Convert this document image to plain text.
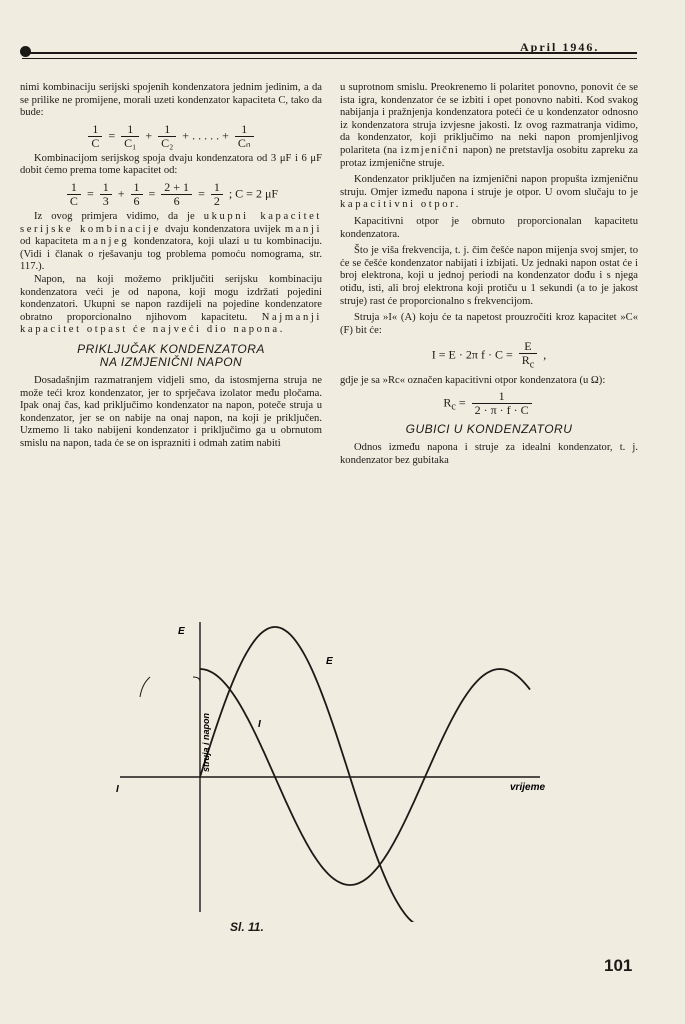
April 1946.

nimi kombinaciju serijski spojenih kondenzatora jednim jedinim, a da se prilike ne promijene, morali uzeti kondenzator kapaciteta C, tako da bude:

$\frac{1}{C} = \frac{1}{\text{C₁}} + \frac{1}{\text{C₂}}$ + . . . . . + $\frac{1}{\text{Cₙ}}$

Kombinacijom serijskog spoja dvaju kondenzatora od 3 μF i 6 μF dobit ćemo prema tome kapacitet od:

$\frac{1}{C} = \frac{1}{3} + \frac{1}{6} = \frac{2 + 1}{6} = \frac{1}{2}$ ; C = 2 μF

Iz ovog primjera vidimo, da je ukupni kapacitet serijske kombinacije dvaju kondenzatora uvijek manji od kapaciteta manjeg kondenzatora, koji ulazi u tu kombinaciju. (Vidi i članak o rješavanju tog problema pomoću nomograma, str. 117.).

Napon, na koji možemo priključiti serijsku kombinaciju kondenzatora veći je od napona, koji mogu izdržati pojedini kondenzatori. Ukupni se napon razdijeli na pojedine kondenzatore obratno proporcionalno njihovom kapacitetu. Najmanji kapacitet otpast će najveći dio napona.

PRIKLJUČAK KONDENZATORA
NA IZMJENIČNI NAPON

Dosadašnjim razmatranjem vidjeli smo, da istosmjerna struja ne može teći kroz kondenzator, jer to sprječava izolator među pločama. Ipak onaj čas, kad priključimo kondenzator na napon, poteče struja u kondenzator, jer se on nabije na onaj napon, na koji je priključen. Uzmemo li tako nabijeni kondenzator i priključimo ga u obrnutom smislu na napon, tada će se on isprazniti i odmah zatim nabiti

u suprotnom smislu. Preokrenemo li polaritet ponovno, ponovit će se ista igra, kondenzator će se izbiti i opet ponovno nabiti. Kod svakog nabijanja i pražnjenja kondenzatora poteći će u kondenzator odnosno iz kondenzatora struja izvjesne jakosti. Iz ovog razmatranja vidimo, da kondenzator, koji priključimo na neki napon promjenljivog polariteta (na izmjenični napon) ne pretstavlja osobitu zapreku za protaz izmjenične struje.

Kondenzator priključen na izmjenični napon propušta izmjeničnu struju. Omjer između napona i struje je otpor. U ovom slučaju to je kapacitivni otpor.

Kapacitivni otpor je obrnuto proporcionalan kapacitetu kondenzatora.

Što je viša frekvencija, t. j. čim češće napon mijenja svoj smjer, to će se češće kondenzator nabijati i izbijati. Uz jednaki napon ostat će i broj elektrona, koji u jednoj periodi na kondenzator dođu i s njega otiđu, isti, ali broj elektrona koji protiču u 1 sekundi (a to je jakost struje) rast će proporcionalno s frekvencijom.

Struja »I« (A) koju će ta napetost prouzročiti kroz kapacitet »C« (F) bit će:

I = E · 2π $f \cdot C = \frac{E}{R_c}$ ,

gdje je sa »Rc« označen kapacitivni otpor kondenzatora (u Ω):

$R_c = \frac{1}{2 \cdot \pi \cdot f \cdot C}$
GUBICI U KONDENZATORU

Odnos između napona i struje za idealni kondenzator, t. j. kondenzator bez gubitaka

E
I
struja i napon
vrijeme
E
I
Sl. 11.
101
